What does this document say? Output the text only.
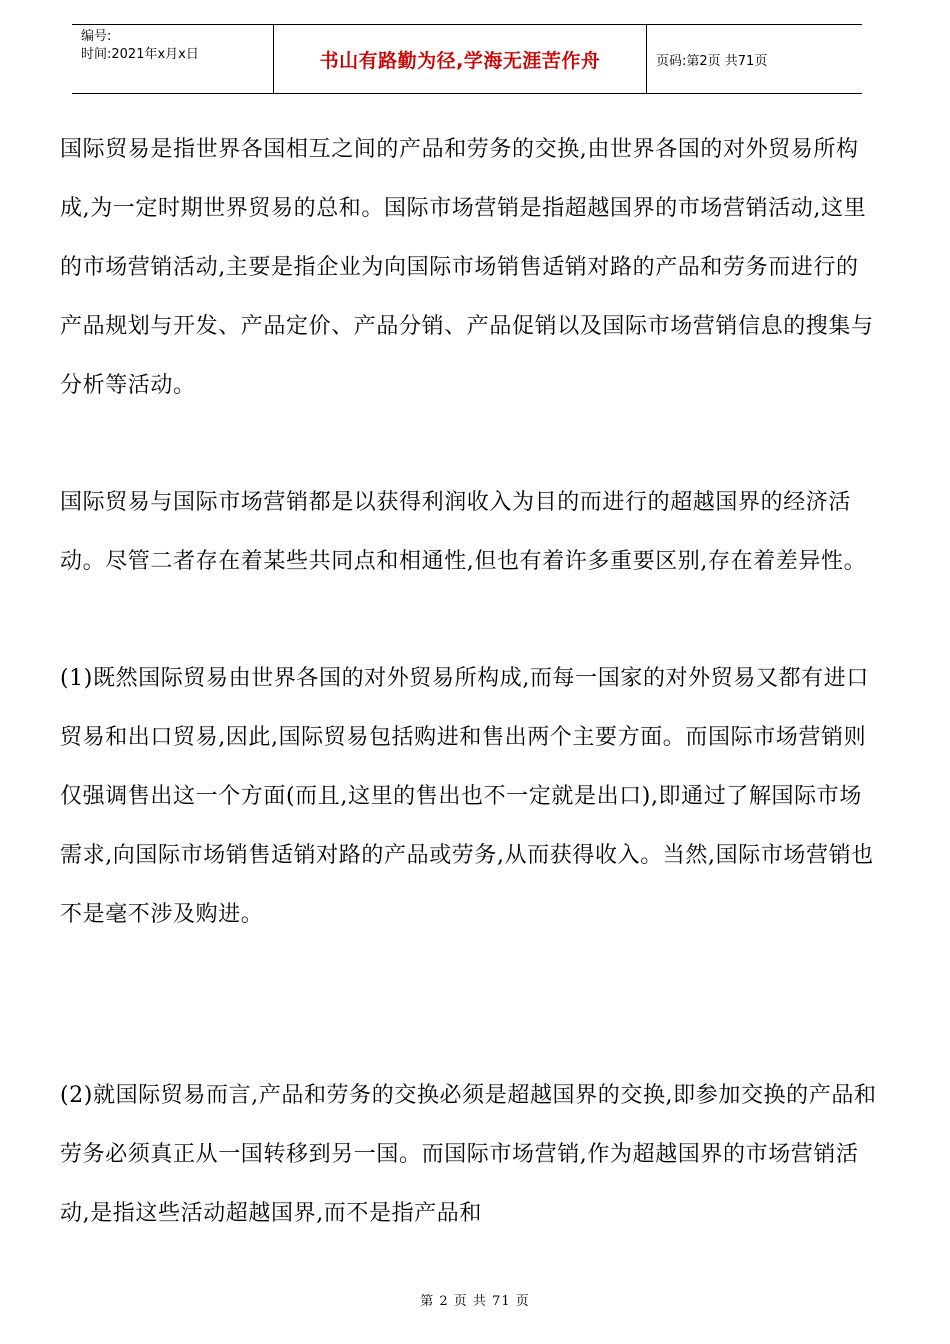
编号:
时间:2021年x月x日	书山有路勤为径,学海无涯苦作舟	页码:第2页 共71页

国际贸易是指世界各国相互之间的产品和劳务的交换,由世界各国的对外贸易所构成,为一定时期世界贸易的总和。国际市场营销是指超越国界的市场营销活动,这里的市场营销活动,主要是指企业为向国际市场销售适销对路的产品和劳务而进行的产品规划与开发、产品定价、产品分销、产品促销以及国际市场营销信息的搜集与分析等活动。

国际贸易与国际市场营销都是以获得利润收入为目的而进行的超越国界的经济活动。尽管二者存在着某些共同点和相通性,但也有着许多重要区别,存在着差异性。

(1)既然国际贸易由世界各国的对外贸易所构成,而每一国家的对外贸易又都有进口贸易和出口贸易,因此,国际贸易包括购进和售出两个主要方面。而国际市场营销则仅强调售出这一个方面(而且,这里的售出也不一定就是出口),即通过了解国际市场需求,向国际市场销售适销对路的产品或劳务,从而获得收入。当然,国际市场营销也不是毫不涉及购进。

(2)就国际贸易而言,产品和劳务的交换必须是超越国界的交换,即参加交换的产品和劳务必须真正从一国转移到另一国。而国际市场营销,作为超越国界的市场营销活动,是指这些活动超越国界,而不是指产品和

第 2 页 共 71 页
